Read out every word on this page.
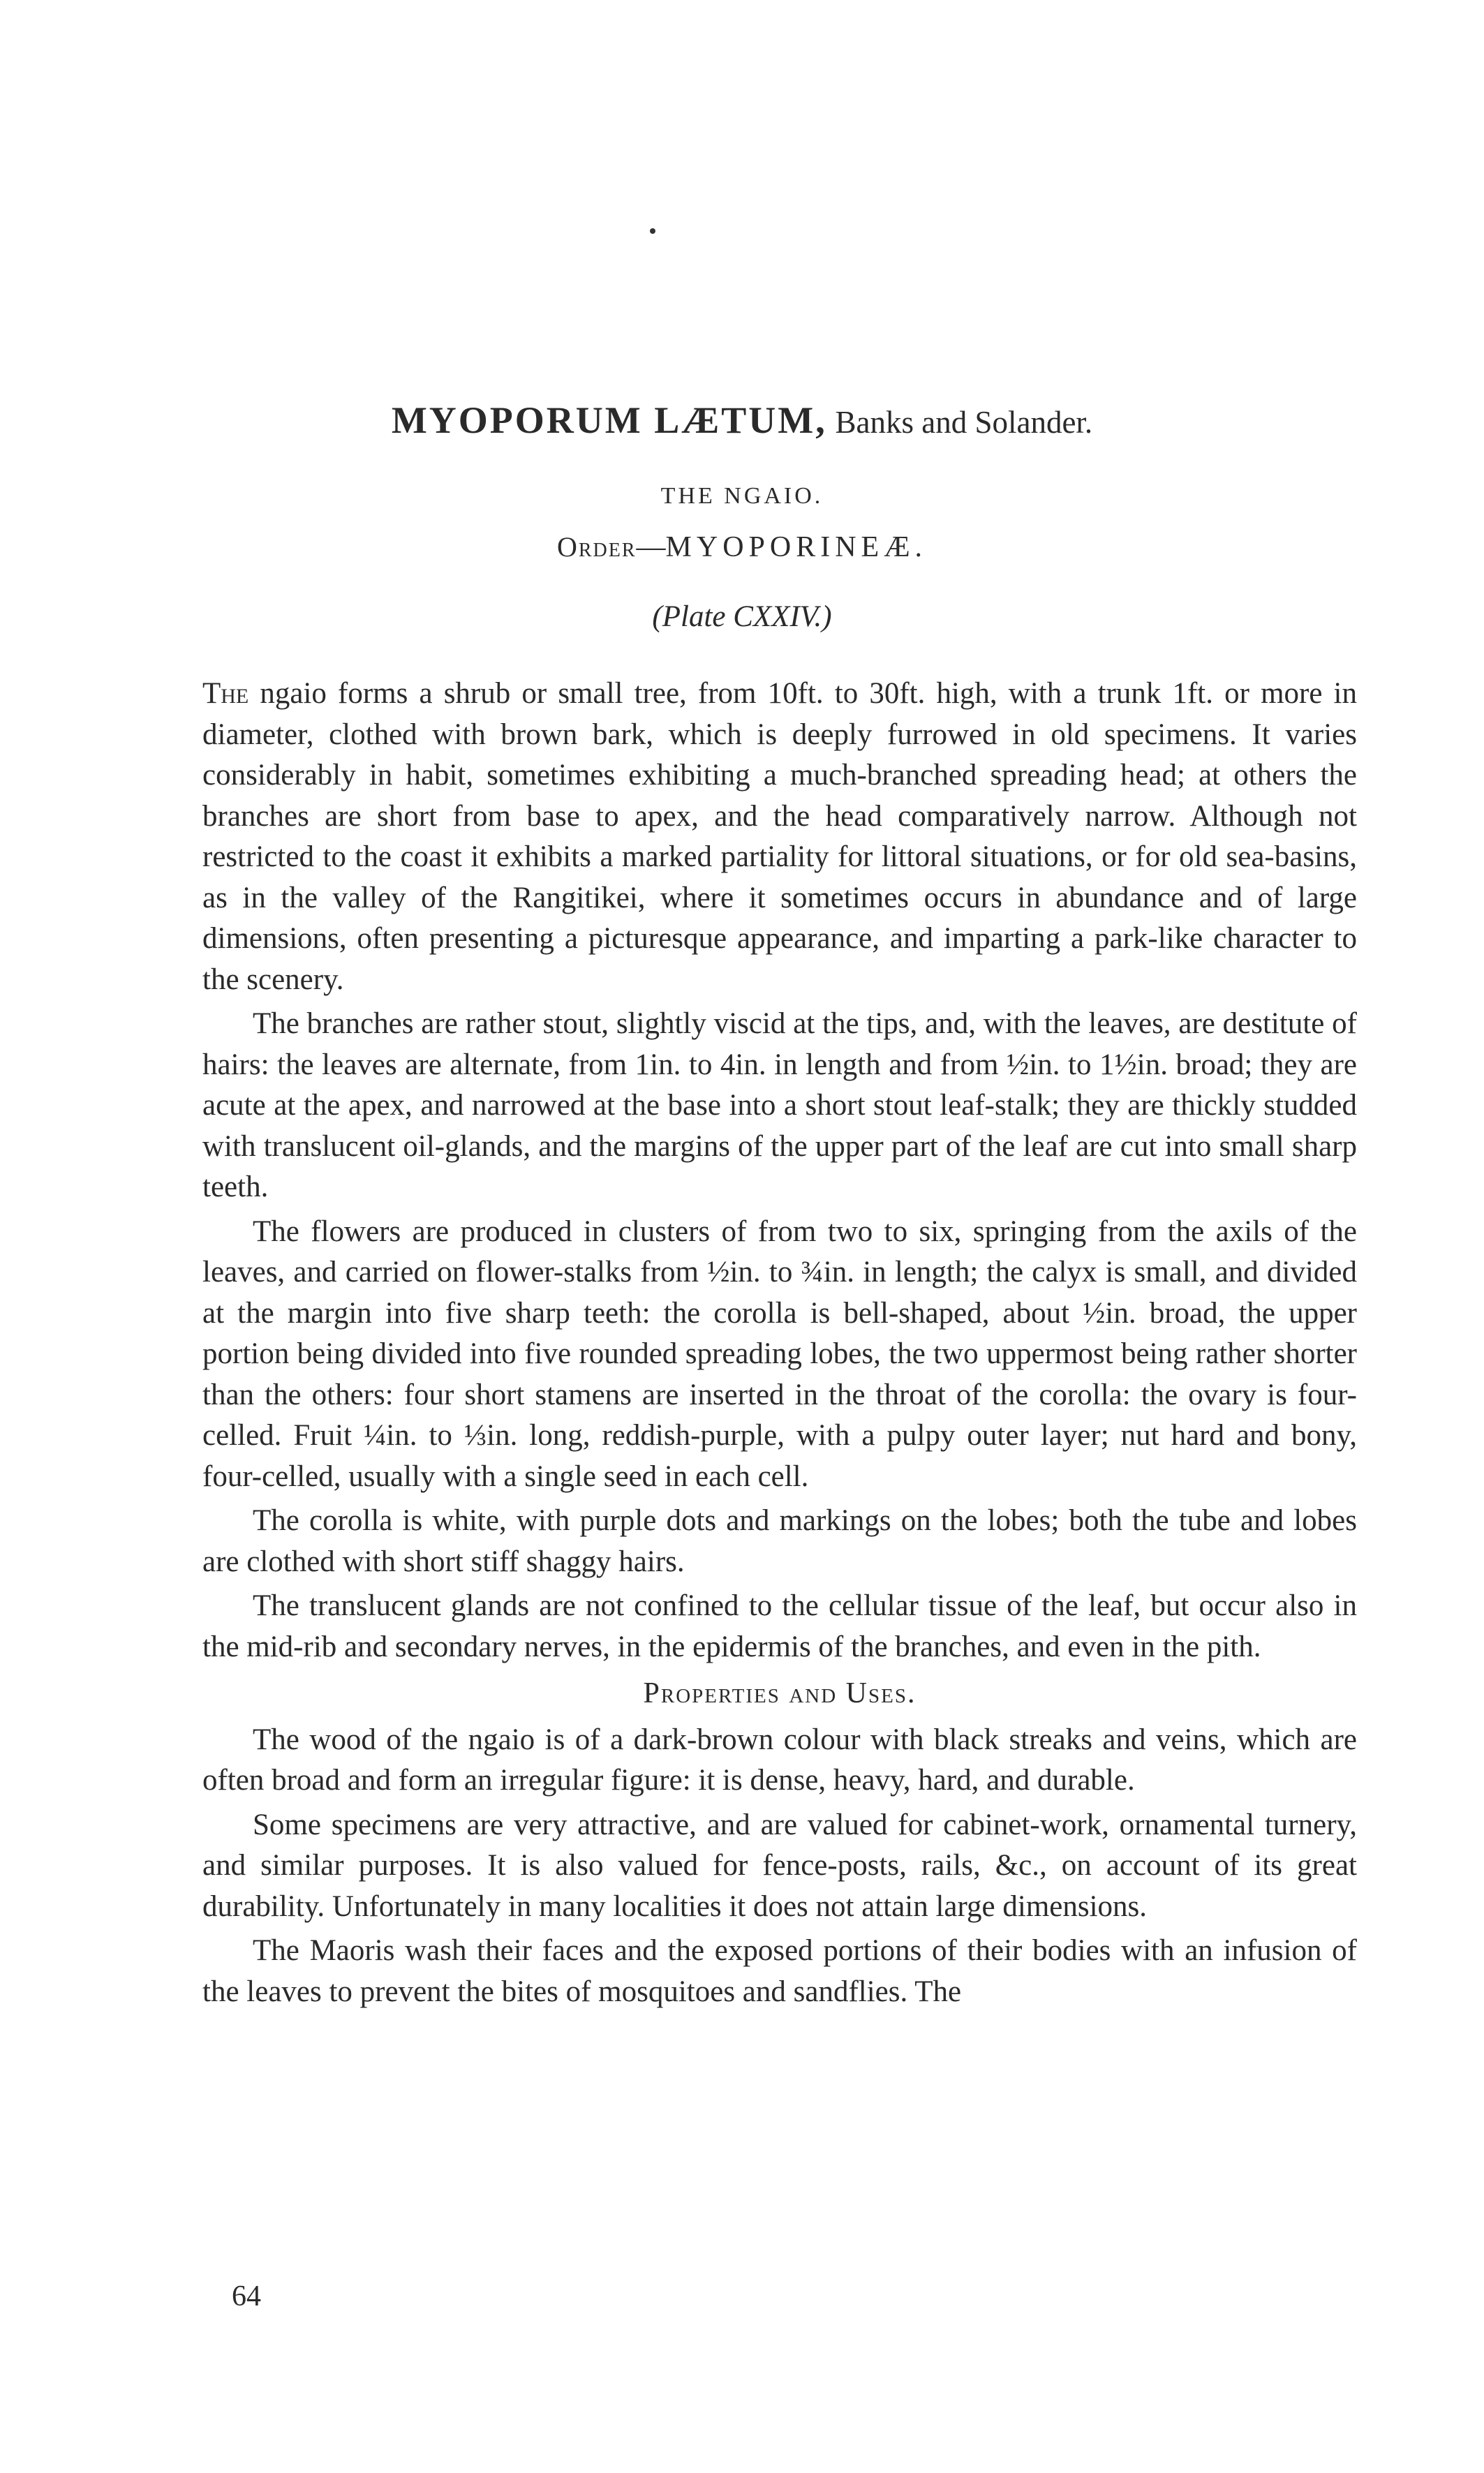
MYOPORUM LÆTUM, Banks and Solander.
THE NGAIO.
Order—MYOPORINEÆ.
(Plate CXXIV.)

The ngaio forms a shrub or small tree, from 10ft. to 30ft. high, with a trunk 1ft. or more in diameter, clothed with brown bark, which is deeply furrowed in old specimens. It varies considerably in habit, sometimes exhibiting a much-branched spreading head; at others the branches are short from base to apex, and the head comparatively narrow. Although not restricted to the coast it exhibits a marked partiality for littoral situations, or for old sea-basins, as in the valley of the Rangitikei, where it sometimes occurs in abundance and of large dimensions, often presenting a picturesque appearance, and imparting a park-like character to the scenery.

The branches are rather stout, slightly viscid at the tips, and, with the leaves, are destitute of hairs: the leaves are alternate, from 1in. to 4in. in length and from ½in. to 1½in. broad; they are acute at the apex, and narrowed at the base into a short stout leaf-stalk; they are thickly studded with translucent oil-glands, and the margins of the upper part of the leaf are cut into small sharp teeth.

The flowers are produced in clusters of from two to six, springing from the axils of the leaves, and carried on flower-stalks from ½in. to ¾in. in length; the calyx is small, and divided at the margin into five sharp teeth: the corolla is bell-shaped, about ½in. broad, the upper portion being divided into five rounded spreading lobes, the two uppermost being rather shorter than the others: four short stamens are inserted in the throat of the corolla: the ovary is four-celled. Fruit ¼in. to ⅓in. long, reddish-purple, with a pulpy outer layer; nut hard and bony, four-celled, usually with a single seed in each cell.

The corolla is white, with purple dots and markings on the lobes; both the tube and lobes are clothed with short stiff shaggy hairs.

The translucent glands are not confined to the cellular tissue of the leaf, but occur also in the mid-rib and secondary nerves, in the epidermis of the branches, and even in the pith.

Properties and Uses.

The wood of the ngaio is of a dark-brown colour with black streaks and veins, which are often broad and form an irregular figure: it is dense, heavy, hard, and durable.

Some specimens are very attractive, and are valued for cabinet-work, ornamental turnery, and similar purposes. It is also valued for fence-posts, rails, &c., on account of its great durability. Unfortunately in many localities it does not attain large dimensions.

The Maoris wash their faces and the exposed portions of their bodies with an infusion of the leaves to prevent the bites of mosquitoes and sandflies. The

64
